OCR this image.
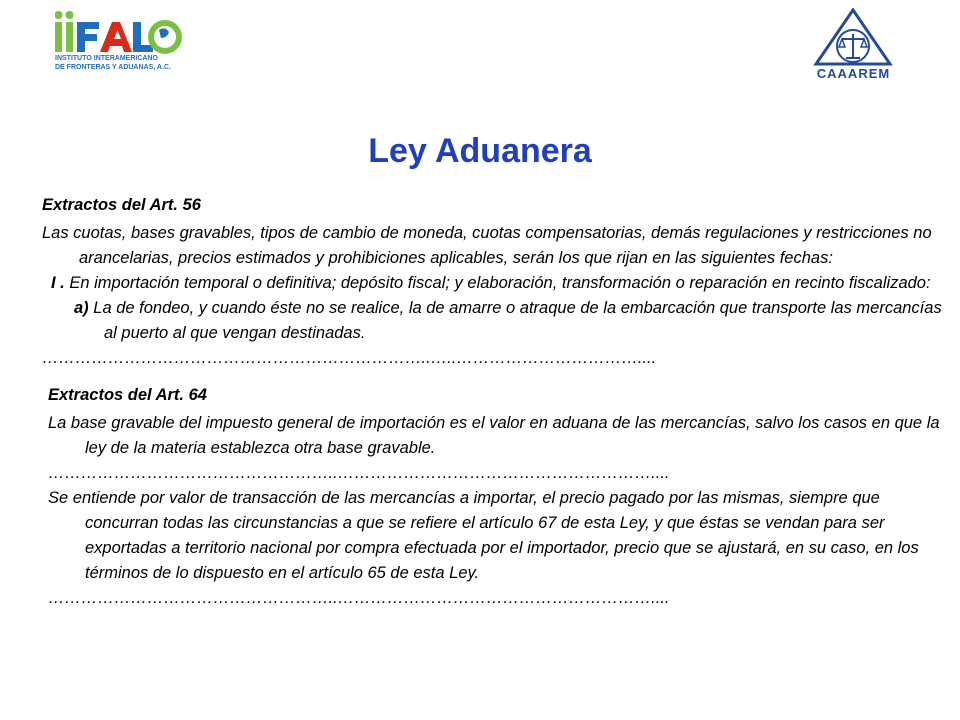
INSTITUTO INTERAMERICANO
DE FRONTERAS Y ADUANAS, A.C.	CAAAREM
Ley Aduanera
Extractos del Art. 56
Las cuotas, bases gravables, tipos de cambio de moneda, cuotas compensatorias, demás regulaciones y restricciones no arancelarias, precios estimados y prohibiciones aplicables, serán los que rijan en las siguientes fechas:
I . En importación temporal o definitiva; depósito fiscal; y elaboración, transformación o reparación en recinto fiscalizado:
a) La de fondeo, y cuando éste no se realice, la de amarre o atraque de la embarcación que transporte las mercancías al puerto al que vengan destinadas.
……………………………………………………………..…..……………………………....
Extractos del Art. 64
La base gravable del impuesto general de importación es el valor en aduana de las mercancías, salvo los casos en que la ley de la materia establezca otra base gravable.
……………………………………………..…………………………………………………....
Se entiende por valor de transacción de las mercancías a importar, el precio pagado por las mismas, siempre que concurran todas las circunstancias a que se refiere el artículo 67 de esta Ley, y que éstas se vendan para ser exportadas a territorio nacional por compra efectuada por el importador, precio que se ajustará, en su caso, en los términos de lo dispuesto en el artículo 65 de esta Ley.
……………………………………………..…………………………………………………....
